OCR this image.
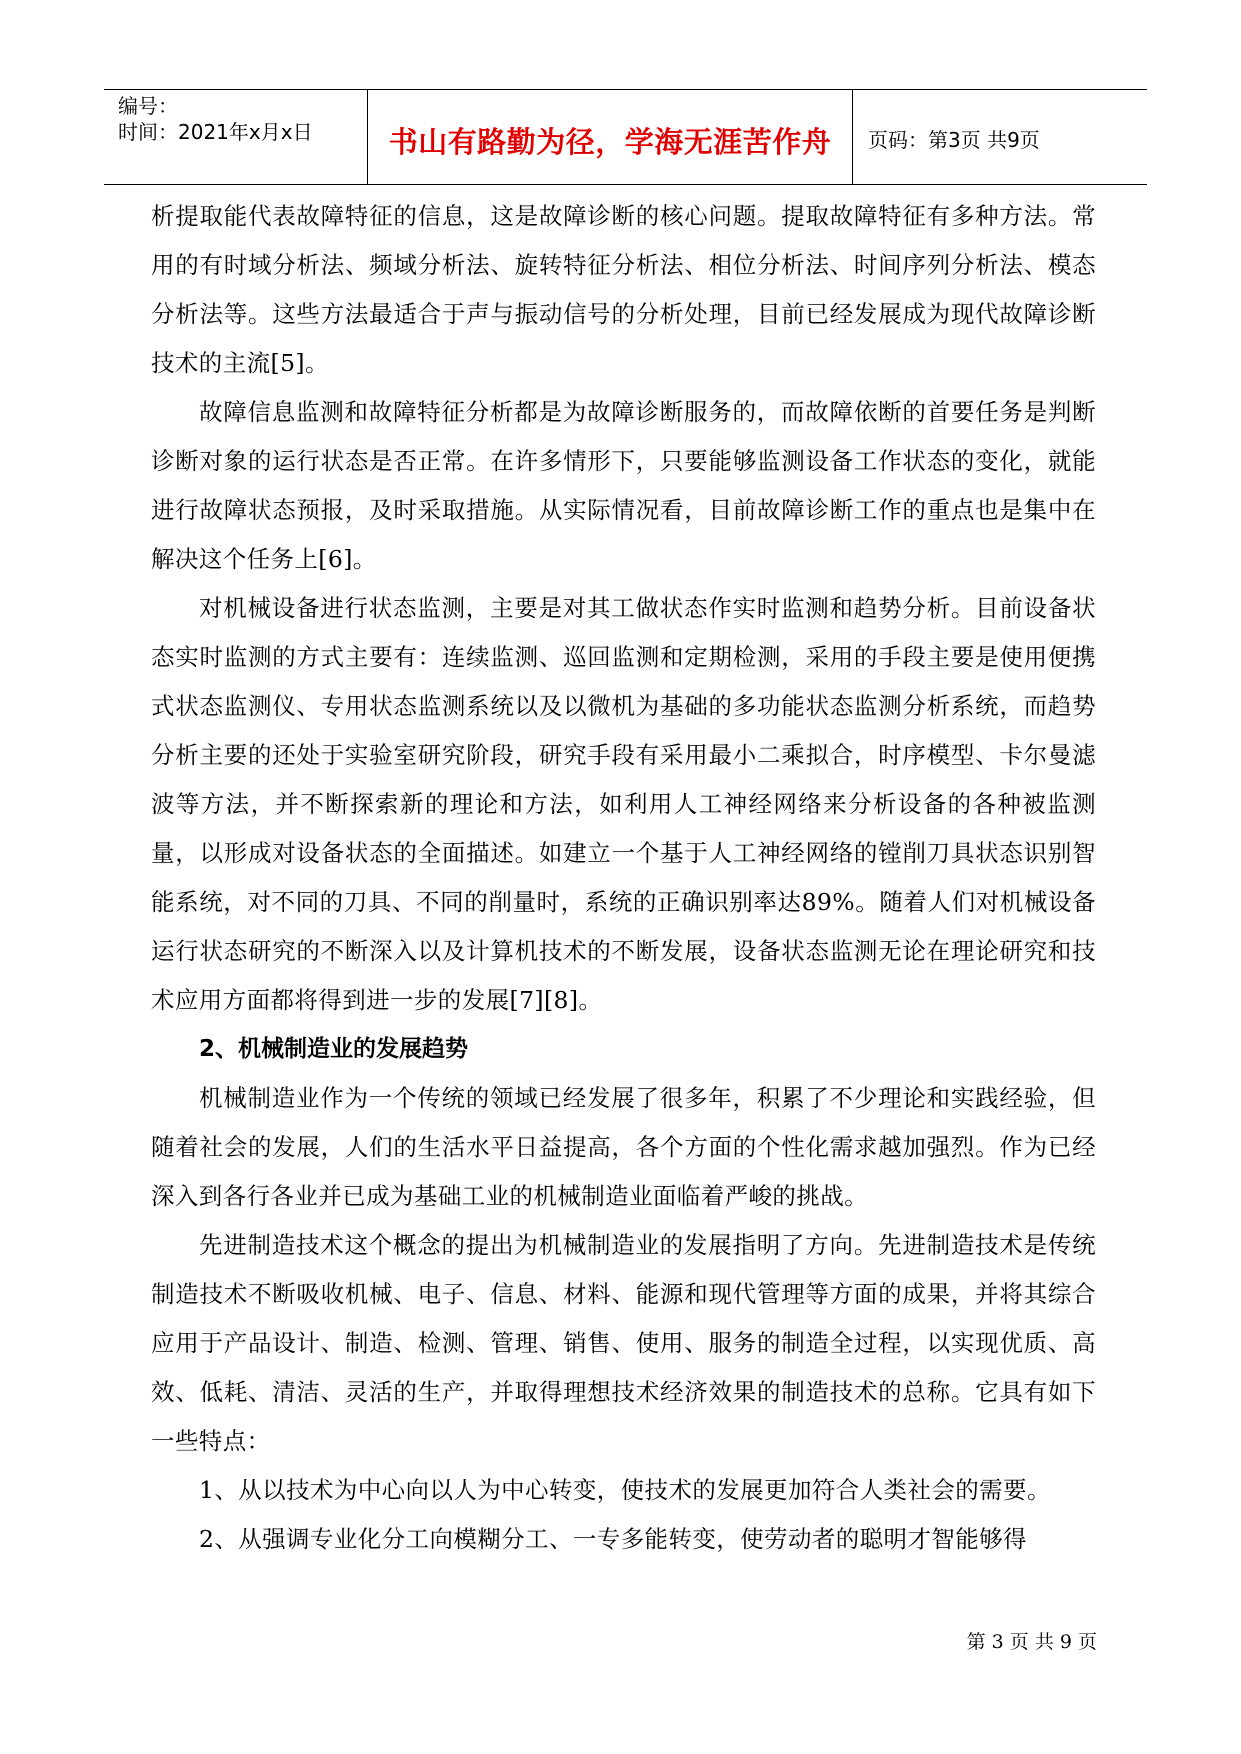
编号：
时间：2021年x月x日	书山有路勤为径，学海无涯苦作舟	页码：第3页 共9页

析提取能代表故障特征的信息，这是故障诊断的核心问题。提取故障特征有多种方法。常用的有时域分析法、频域分析法、旋转特征分析法、相位分析法、时间序列分析法、模态分析法等。这些方法最适合于声与振动信号的分析处理，目前已经发展成为现代故障诊断技术的主流[5]。

故障信息监测和故障特征分析都是为故障诊断服务的，而故障依断的首要任务是判断诊断对象的运行状态是否正常。在许多情形下，只要能够监测设备工作状态的变化，就能进行故障状态预报，及时采取措施。从实际情况看，目前故障诊断工作的重点也是集中在解决这个任务上[6]。

对机械设备进行状态监测，主要是对其工做状态作实时监测和趋势分析。目前设备状态实时监测的方式主要有：连续监测、巡回监测和定期检测，采用的手段主要是使用便携式状态监测仪、专用状态监测系统以及以微机为基础的多功能状态监测分析系统，而趋势分析主要的还处于实验室研究阶段，研究手段有采用最小二乘拟合，时序模型、卡尔曼滤波等方法，并不断探索新的理论和方法，如利用人工神经网络来分析设备的各种被监测量，以形成对设备状态的全面描述。如建立一个基于人工神经网络的镗削刀具状态识别智能系统，对不同的刀具、不同的削量时，系统的正确识别率达89%。随着人们对机械设备运行状态研究的不断深入以及计算机技术的不断发展，设备状态监测无论在理论研究和技术应用方面都将得到进一步的发展[7][8]。

2、机械制造业的发展趋势

机械制造业作为一个传统的领域已经发展了很多年，积累了不少理论和实践经验，但随着社会的发展，人们的生活水平日益提高，各个方面的个性化需求越加强烈。作为已经深入到各行各业并已成为基础工业的机械制造业面临着严峻的挑战。

先进制造技术这个概念的提出为机械制造业的发展指明了方向。先进制造技术是传统制造技术不断吸收机械、电子、信息、材料、能源和现代管理等方面的成果，并将其综合应用于产品设计、制造、检测、管理、销售、使用、服务的制造全过程，以实现优质、高效、低耗、清洁、灵活的生产，并取得理想技术经济效果的制造技术的总称。它具有如下一些特点：

1、从以技术为中心向以人为中心转变，使技术的发展更加符合人类社会的需要。

2、从强调专业化分工向模糊分工、一专多能转变，使劳动者的聪明才智能够得

第 3 页 共 9 页
